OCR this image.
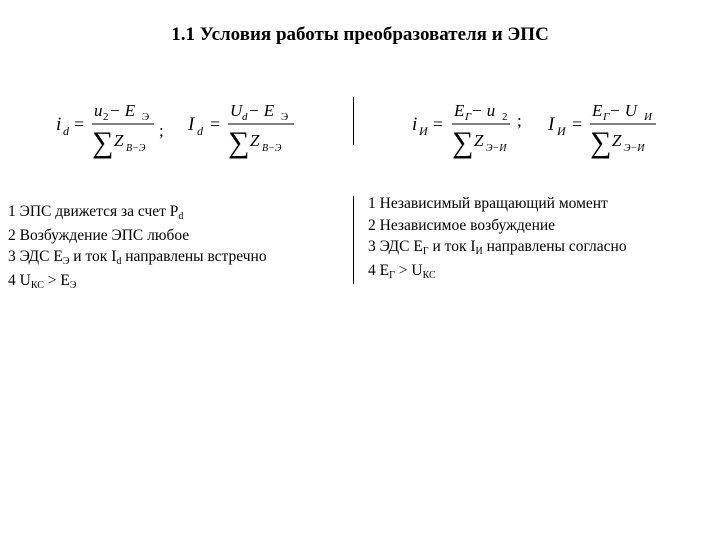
1.1 Условия работы преобразователя и ЭПС
i d =
u 2 − E Э
∑ Z В−Э
; I d =
U d − E Э
∑ Z В−Э
i И =
E Г − u 2
∑ Z Э−И
; I И =
E Г − U И
∑ Z Э−И
1 ЭПС движется за счет Pd
2 Возбуждение ЭПС любое
3 ЭДС EЭ и ток Id направлены встречно
4 UКС > EЭ
1 Независимый вращающий момент
2 Независимое возбуждение
3 ЭДС EГ и ток IИ направлены согласно
4 EГ > UКС
